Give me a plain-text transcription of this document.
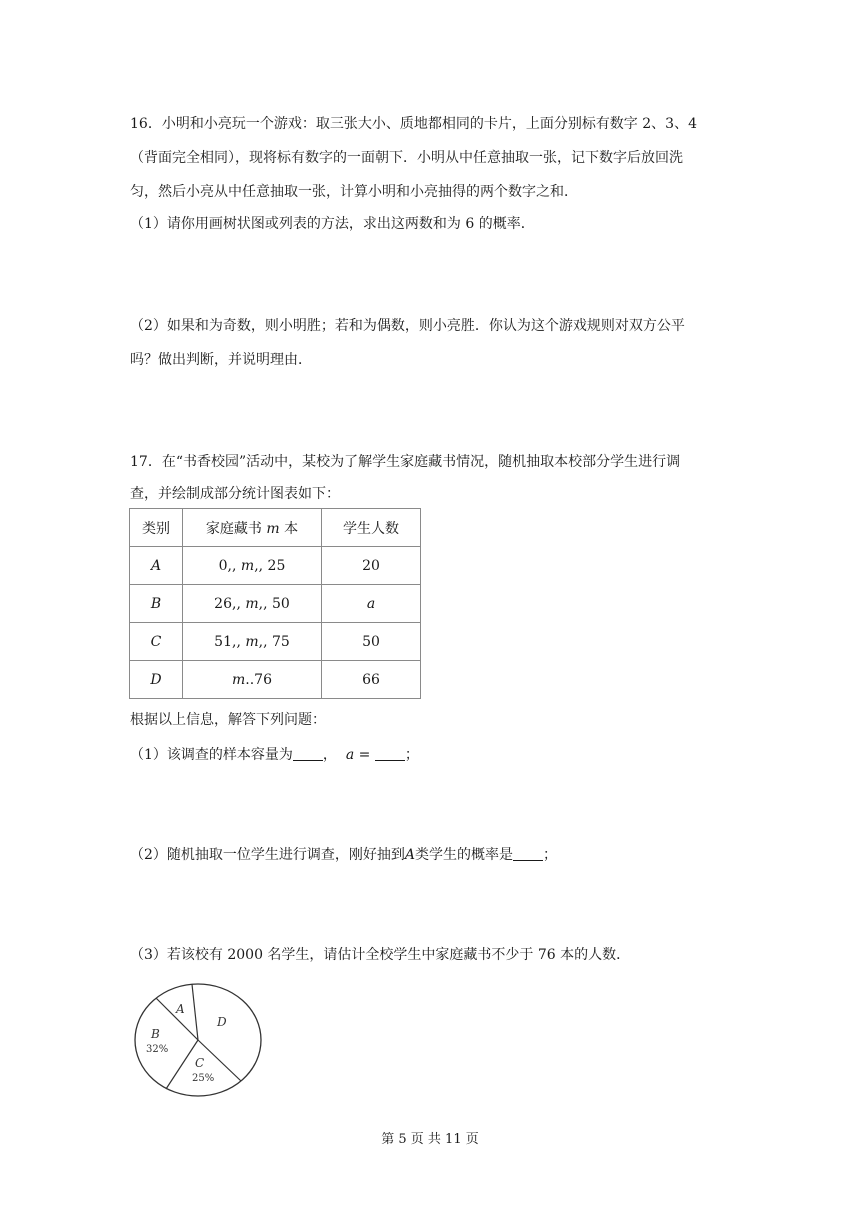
16．小明和小亮玩一个游戏：取三张大小、质地都相同的卡片，上面分别标有数字 2、3、4
（背面完全相同），现将标有数字的一面朝下．小明从中任意抽取一张，记下数字后放回洗
匀，然后小亮从中任意抽取一张，计算小明和小亮抽得的两个数字之和．
（1）请你用画树状图或列表的方法，求出这两数和为 6 的概率．
（2）如果和为奇数，则小明胜；若和为偶数，则小亮胜．你认为这个游戏规则对双方公平
吗？做出判断，并说明理由．
17．在“书香校园”活动中，某校为了解学生家庭藏书情况，随机抽取本校部分学生进行调
查，并绘制成部分统计图表如下：
类别	家庭藏书 m 本	学生人数
A	0,, m,, 25	20
B	26,, m,, 50	a
C	51,, m,, 75	50
D	m..76	66
根据以上信息，解答下列问题：
（1）该调查的样本容量为 ， a = ；
（2）随机抽取一位学生进行调查，刚好抽到A类学生的概率是 ；
（3）若该校有 2000 名学生，请估计全校学生中家庭藏书不少于 76 本的人数．
A
D
B
32%
C
25%
第 5 页 共 11 页
